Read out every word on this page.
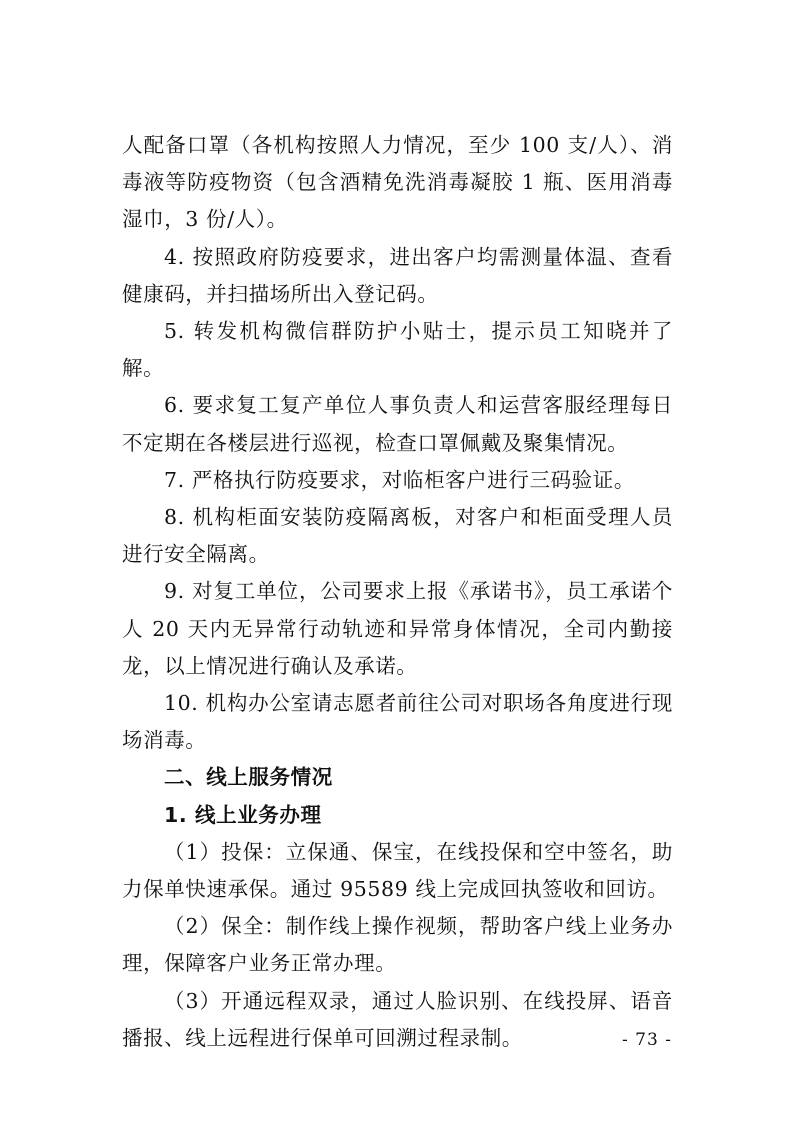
人配备口罩（各机构按照人力情况，至少 100 支/人）、消毒液等防疫物资（包含酒精免洗消毒凝胶 1 瓶、医用消毒湿巾，3 份/人）。

4. 按照政府防疫要求，进出客户均需测量体温、查看健康码，并扫描场所出入登记码。

5. 转发机构微信群防护小贴士，提示员工知晓并了解。

6. 要求复工复产单位人事负责人和运营客服经理每日不定期在各楼层进行巡视，检查口罩佩戴及聚集情况。

7. 严格执行防疫要求，对临柜客户进行三码验证。

8. 机构柜面安装防疫隔离板，对客户和柜面受理人员进行安全隔离。

9. 对复工单位，公司要求上报《承诺书》，员工承诺个人 20 天内无异常行动轨迹和异常身体情况，全司内勤接龙，以上情况进行确认及承诺。

10. 机构办公室请志愿者前往公司对职场各角度进行现场消毒。

二、线上服务情况

1. 线上业务办理

（1）投保：立保通、保宝，在线投保和空中签名，助力保单快速承保。通过 95589 线上完成回执签收和回访。

（2）保全：制作线上操作视频，帮助客户线上业务办理，保障客户业务正常办理。

（3）开通远程双录，通过人脸识别、在线投屏、语音播报、线上远程进行保单可回溯过程录制。	- 73 -
